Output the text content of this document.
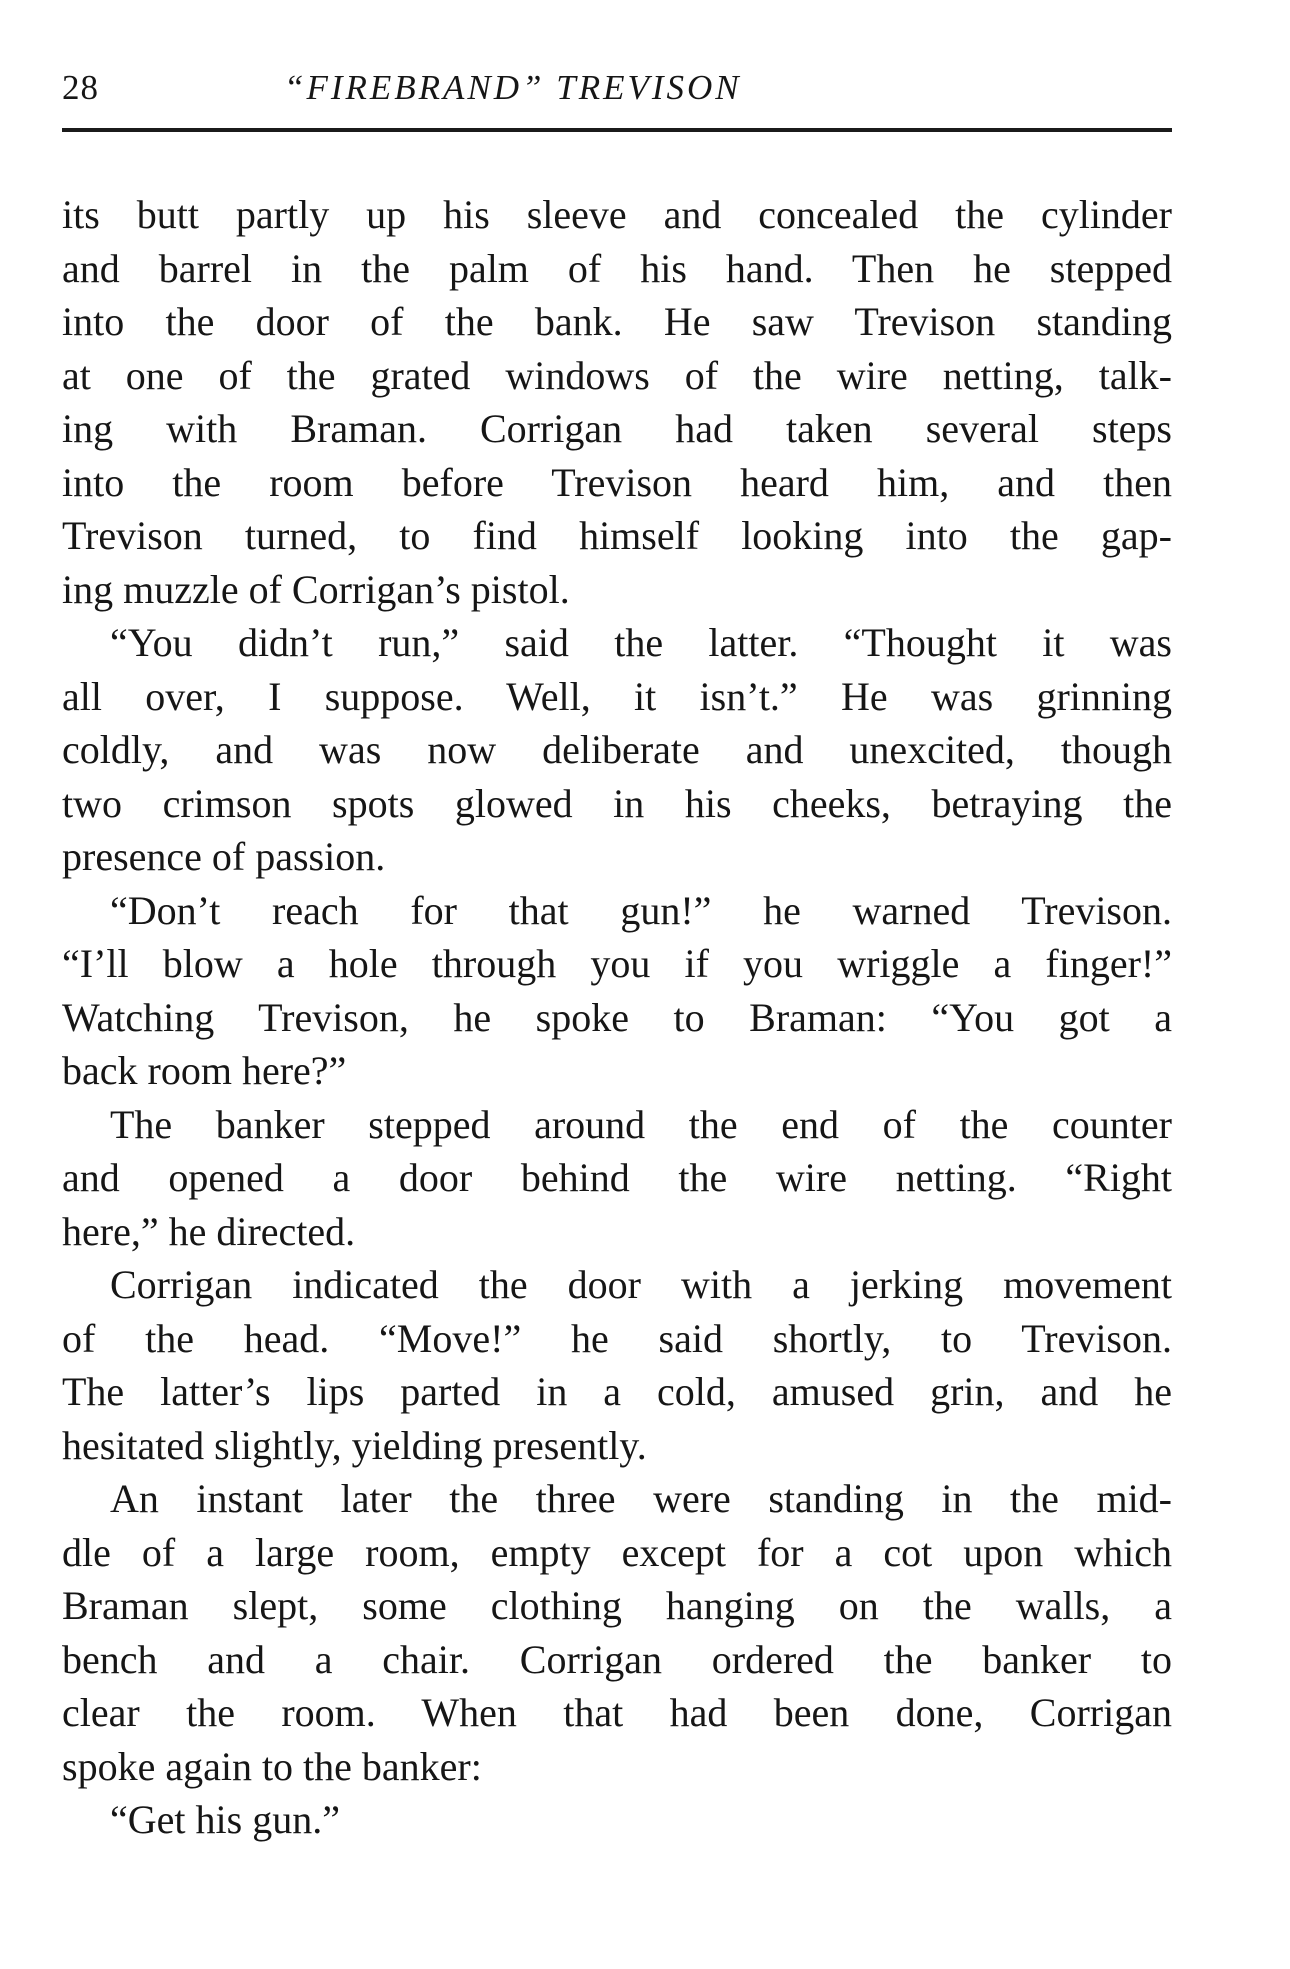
28	“FIREBRAND” TREVISON
its butt partly up his sleeve and concealed the cylinder
and barrel in the palm of his hand. Then he stepped
into the door of the bank. He saw Trevison standing
at one of the grated windows of the wire netting, talk-
ing with Braman. Corrigan had taken several steps
into the room before Trevison heard him, and then
Trevison turned, to find himself looking into the gap-
ing muzzle of Corrigan’s pistol.
“You didn’t run,” said the latter. “Thought it was
all over, I suppose. Well, it isn’t.” He was grinning
coldly, and was now deliberate and unexcited, though
two crimson spots glowed in his cheeks, betraying the
presence of passion.
“Don’t reach for that gun!” he warned Trevison.
“I’ll blow a hole through you if you wriggle a finger!”
Watching Trevison, he spoke to Braman: “You got a
back room here?”
The banker stepped around the end of the counter
and opened a door behind the wire netting. “Right
here,” he directed.
Corrigan indicated the door with a jerking movement
of the head. “Move!” he said shortly, to Trevison.
The latter’s lips parted in a cold, amused grin, and he
hesitated slightly, yielding presently.
An instant later the three were standing in the mid-
dle of a large room, empty except for a cot upon which
Braman slept, some clothing hanging on the walls, a
bench and a chair. Corrigan ordered the banker to
clear the room. When that had been done, Corrigan
spoke again to the banker:
“Get his gun.”
